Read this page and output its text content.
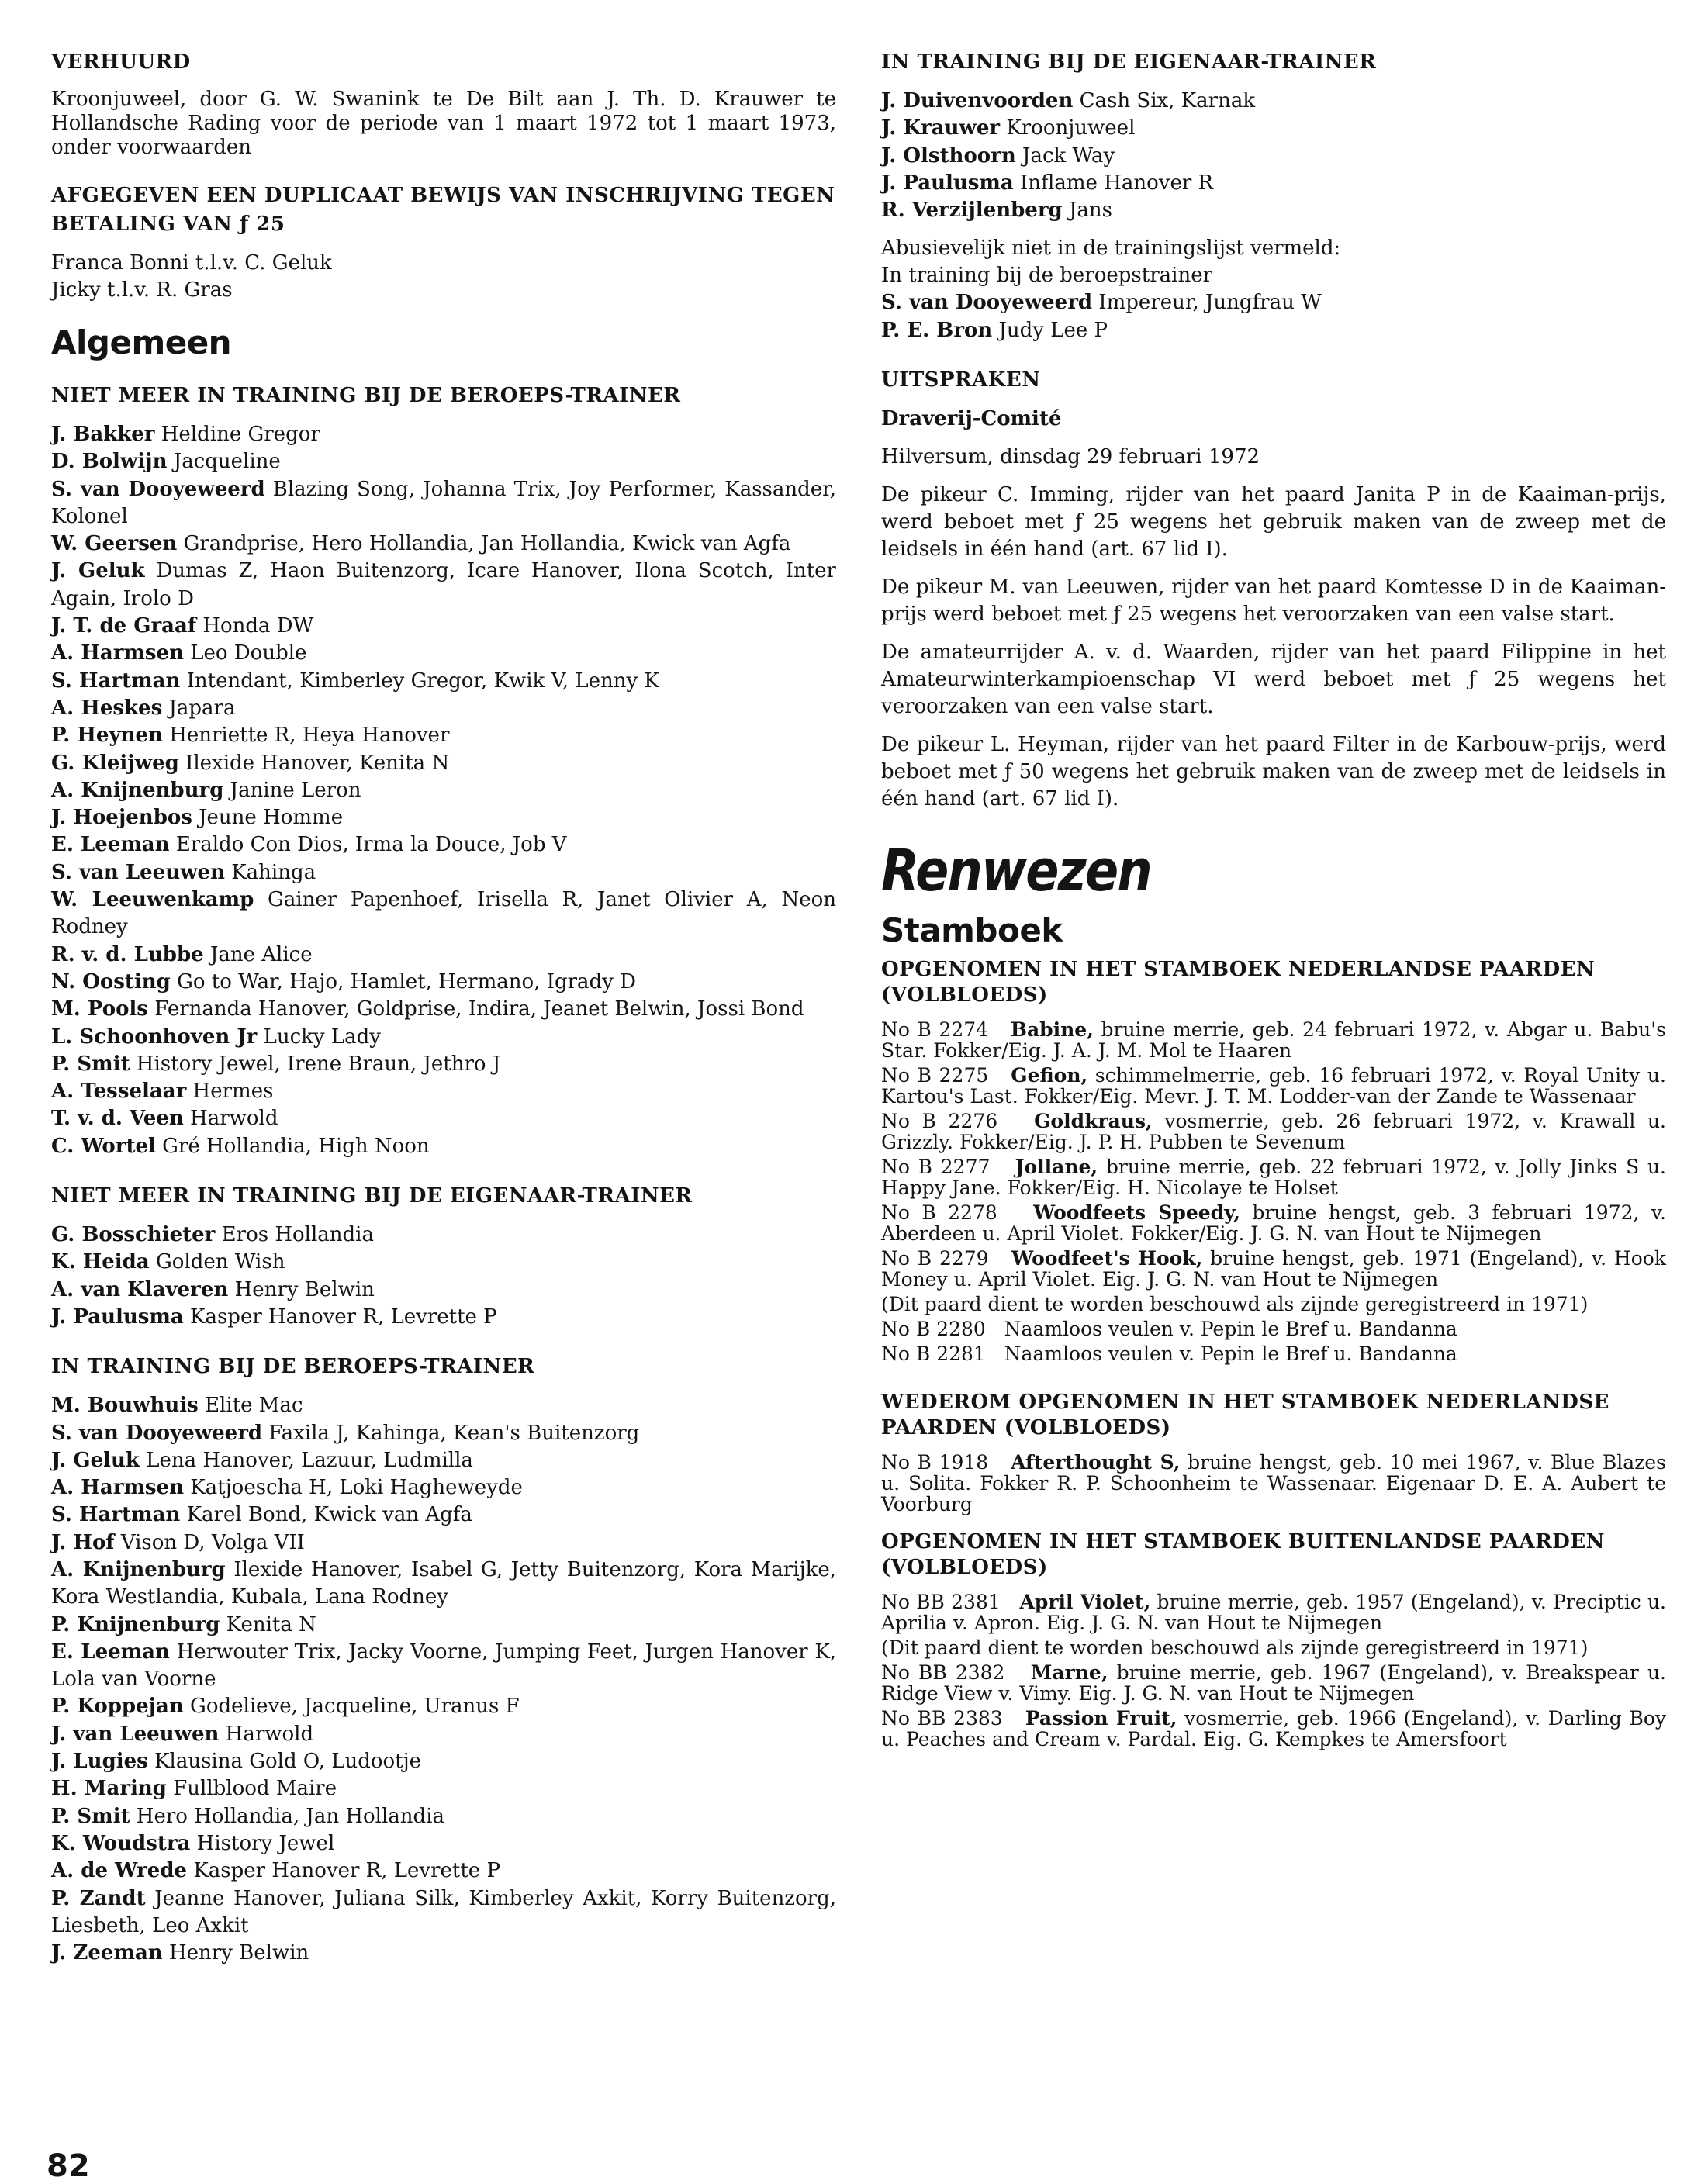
VERHUURD

Kroonjuweel, door G. W. Swanink te De Bilt aan J. Th. D. Krauwer te Hollandsche Rading voor de periode van 1 maart 1972 tot 1 maart 1973, onder voorwaarden

AFGEGEVEN EEN DUPLICAAT BEWIJS VAN INSCHRIJVING TEGEN BETALING VAN ƒ 25

Franca Bonni t.l.v. C. Geluk

Jicky t.l.v. R. Gras

Algemeen

NIET MEER IN TRAINING BIJ DE BEROEPS-TRAINER

J. Bakker Heldine Gregor

D. Bolwijn Jacqueline

S. van Dooyeweerd Blazing Song, Johanna Trix, Joy Performer, Kassander, Kolonel

W. Geersen Grandprise, Hero Hollandia, Jan Hollandia, Kwick van Agfa

J. Geluk Dumas Z, Haon Buitenzorg, Icare Hanover, Ilona Scotch, Inter Again, Irolo D

J. T. de Graaf Honda DW

A. Harmsen Leo Double

S. Hartman Intendant, Kimberley Gregor, Kwik V, Lenny K

A. Heskes Japara

P. Heynen Henriette R, Heya Hanover

G. Kleijweg Ilexide Hanover, Kenita N

A. Knijnenburg Janine Leron

J. Hoejenbos Jeune Homme

E. Leeman Eraldo Con Dios, Irma la Douce, Job V

S. van Leeuwen Kahinga

W. Leeuwenkamp Gainer Papenhoef, Irisella R, Janet Olivier A, Neon Rodney

R. v. d. Lubbe Jane Alice

N. Oosting Go to War, Hajo, Hamlet, Hermano, Igrady D

M. Pools Fernanda Hanover, Goldprise, Indira, Jeanet Belwin, Jossi Bond

L. Schoonhoven Jr Lucky Lady

P. Smit History Jewel, Irene Braun, Jethro J

A. Tesselaar Hermes

T. v. d. Veen Harwold

C. Wortel Gré Hollandia, High Noon

NIET MEER IN TRAINING BIJ DE EIGENAAR-TRAINER

G. Bosschieter Eros Hollandia

K. Heida Golden Wish

A. van Klaveren Henry Belwin

J. Paulusma Kasper Hanover R, Levrette P

IN TRAINING BIJ DE BEROEPS-TRAINER

M. Bouwhuis Elite Mac

S. van Dooyeweerd Faxila J, Kahinga, Kean's Buitenzorg

J. Geluk Lena Hanover, Lazuur, Ludmilla

A. Harmsen Katjoescha H, Loki Hagheweyde

S. Hartman Karel Bond, Kwick van Agfa

J. Hof Vison D, Volga VII

A. Knijnenburg Ilexide Hanover, Isabel G, Jetty Buitenzorg, Kora Marijke, Kora Westlandia, Kubala, Lana Rodney

P. Knijnenburg Kenita N

E. Leeman Herwouter Trix, Jacky Voorne, Jumping Feet, Jurgen Hanover K, Lola van Voorne

P. Koppejan Godelieve, Jacqueline, Uranus F

J. van Leeuwen Harwold

J. Lugies Klausina Gold O, Ludootje

H. Maring Fullblood Maire

P. Smit Hero Hollandia, Jan Hollandia

K. Woudstra History Jewel

A. de Wrede Kasper Hanover R, Levrette P

P. Zandt Jeanne Hanover, Juliana Silk, Kimberley Axkit, Korry Buitenzorg, Liesbeth, Leo Axkit

J. Zeeman Henry Belwin

IN TRAINING BIJ DE EIGENAAR-TRAINER

J. Duivenvoorden Cash Six, Karnak

J. Krauwer Kroonjuweel

J. Olsthoorn Jack Way

J. Paulusma Inflame Hanover R

R. Verzijlenberg Jans

Abusievelijk niet in de trainingslijst vermeld:

In training bij de beroepstrainer

S. van Dooyeweerd Impereur, Jungfrau W

P. E. Bron Judy Lee P

UITSPRAKEN

Draverij-Comité

Hilversum, dinsdag 29 februari 1972

De pikeur C. Imming, rijder van het paard Janita P in de Kaaiman-prijs, werd beboet met ƒ 25 wegens het gebruik maken van de zweep met de leidsels in één hand (art. 67 lid I).

De pikeur M. van Leeuwen, rijder van het paard Komtesse D in de Kaaiman-prijs werd beboet met ƒ 25 wegens het veroorzaken van een valse start.

De amateurrijder A. v. d. Waarden, rijder van het paard Filippine in het Amateurwinterkampioenschap VI werd beboet met ƒ 25 wegens het veroorzaken van een valse start.

De pikeur L. Heyman, rijder van het paard Filter in de Karbouw-prijs, werd beboet met ƒ 50 wegens het gebruik maken van de zweep met de leidsels in één hand (art. 67 lid I).

Renwezen

Stamboek

OPGENOMEN IN HET STAMBOEK NEDERLANDSE PAARDEN (VOLBLOEDS)

No B 2274 Babine, bruine merrie, geb. 24 februari 1972, v. Abgar u. Babu's Star. Fokker/Eig. J. A. J. M. Mol te Haaren

No B 2275 Gefion, schimmelmerrie, geb. 16 februari 1972, v. Royal Unity u. Kartou's Last. Fokker/Eig. Mevr. J. T. M. Lodder-van der Zande te Wassenaar

No B 2276 Goldkraus, vosmerrie, geb. 26 februari 1972, v. Krawall u. Grizzly. Fokker/Eig. J. P. H. Pubben te Sevenum

No B 2277 Jollane, bruine merrie, geb. 22 februari 1972, v. Jolly Jinks S u. Happy Jane. Fokker/Eig. H. Nicolaye te Holset

No B 2278 Woodfeets Speedy, bruine hengst, geb. 3 februari 1972, v. Aberdeen u. April Violet. Fokker/Eig. J. G. N. van Hout te Nijmegen

No B 2279 Woodfeet's Hook, bruine hengst, geb. 1971 (Engeland), v. Hook Money u. April Violet. Eig. J. G. N. van Hout te Nijmegen

(Dit paard dient te worden beschouwd als zijnde geregistreerd in 1971)

No B 2280 Naamloos veulen v. Pepin le Bref u. Bandanna

No B 2281 Naamloos veulen v. Pepin le Bref u. Bandanna

WEDEROM OPGENOMEN IN HET STAMBOEK NEDERLANDSE PAARDEN (VOLBLOEDS)

No B 1918 Afterthought S, bruine hengst, geb. 10 mei 1967, v. Blue Blazes u. Solita. Fokker R. P. Schoonheim te Wassenaar. Eigenaar D. E. A. Aubert te Voorburg

OPGENOMEN IN HET STAMBOEK BUITENLANDSE PAARDEN (VOLBLOEDS)

No BB 2381 April Violet, bruine merrie, geb. 1957 (Engeland), v. Preciptic u. Aprilia v. Apron. Eig. J. G. N. van Hout te Nijmegen

(Dit paard dient te worden beschouwd als zijnde geregistreerd in 1971)

No BB 2382 Marne, bruine merrie, geb. 1967 (Engeland), v. Breakspear u. Ridge View v. Vimy. Eig. J. G. N. van Hout te Nijmegen

No BB 2383 Passion Fruit, vosmerrie, geb. 1966 (Engeland), v. Darling Boy u. Peaches and Cream v. Pardal. Eig. G. Kempkes te Amersfoort

82
